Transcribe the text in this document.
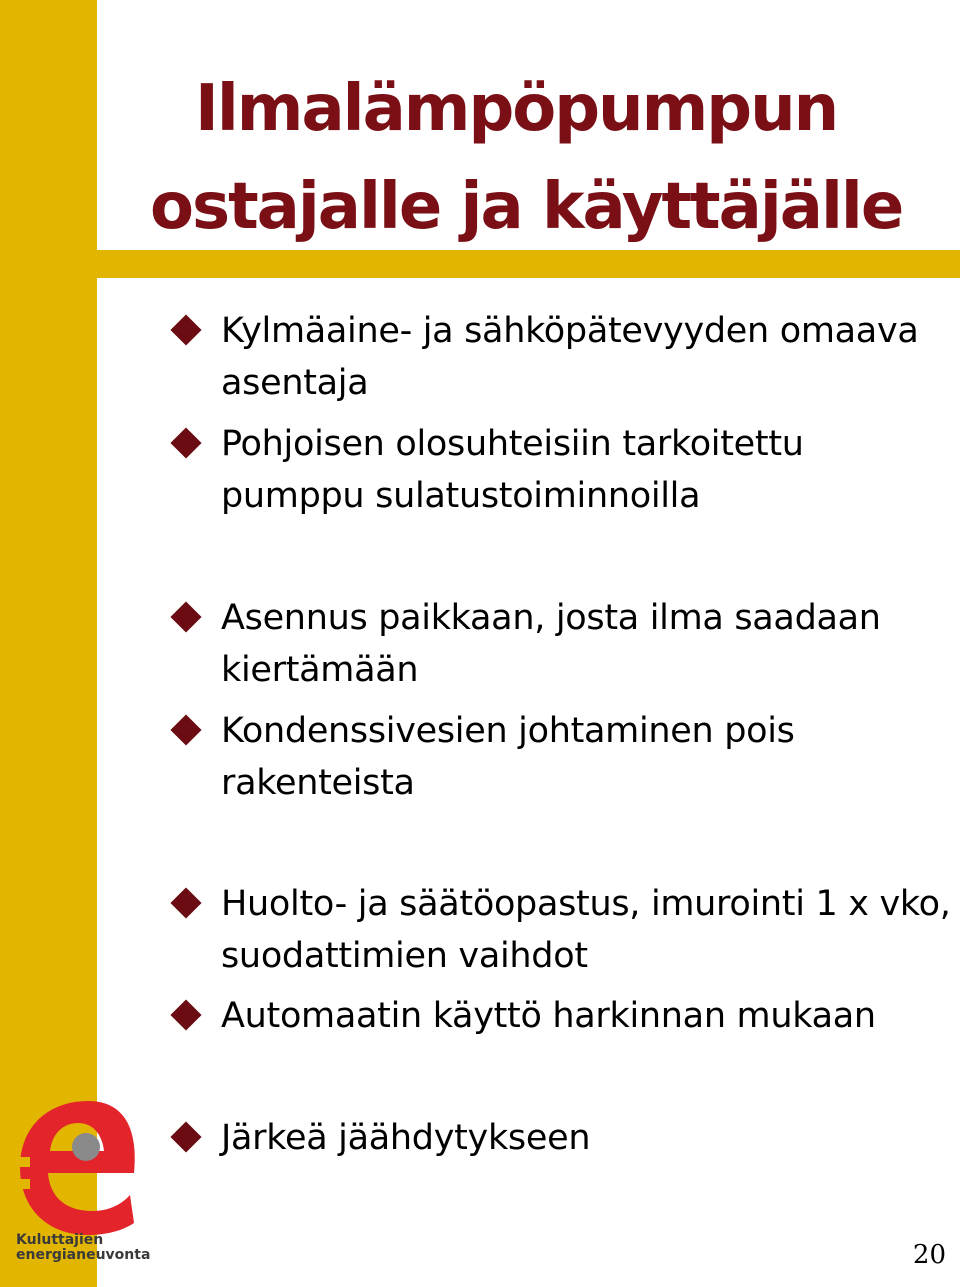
Ilmalämpöpumpun
ostajalle ja käyttäjälle
Kylmäaine- ja sähköpätevyyden omaava asentaja
Pohjoisen olosuhteisiin tarkoitettu pumppu sulatustoiminnoilla
Asennus paikkaan, josta ilma saadaan kiertämään
Kondenssivesien johtaminen pois rakenteista
Huolto- ja säätöopastus, imurointi 1 x vko, suodattimien vaihdot
Automaatin käyttö harkinnan mukaan
Järkeä jäähdytykseen
Kuluttajien
energianeuvonta	20
